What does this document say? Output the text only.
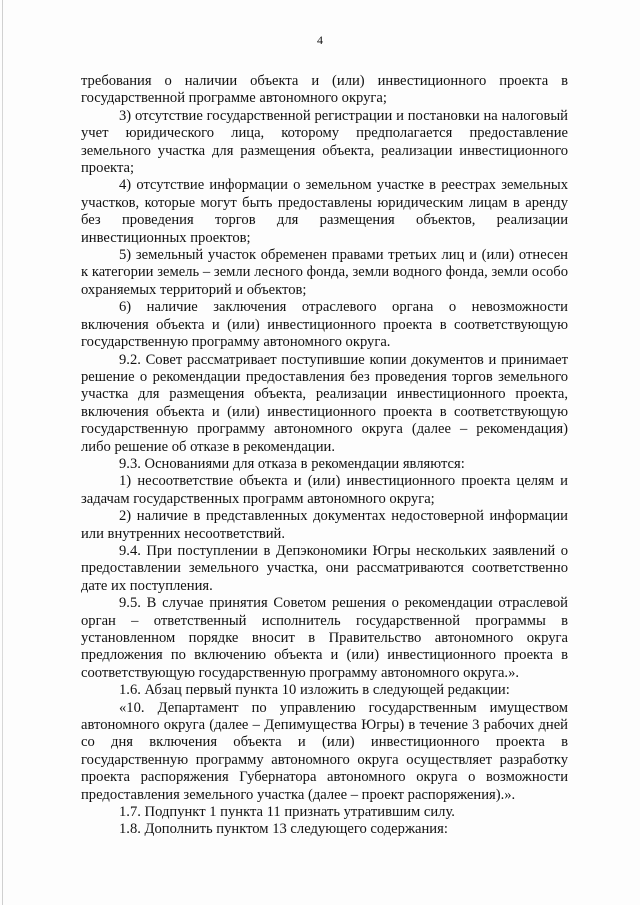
4

требования о наличии объекта и (или) инвестиционного проекта в государственной программе автономного округа;

3) отсутствие государственной регистрации и постановки на налоговый учет юридического лица, которому предполагается предоставление земельного участка для размещения объекта, реализации инвестиционного проекта;

4) отсутствие информации о земельном участке в реестрах земельных участков, которые могут быть предоставлены юридическим лицам в аренду без проведения торгов для размещения объектов, реализации инвестиционных проектов;

5) земельный участок обременен правами третьих лиц и (или) отнесен к категории земель – земли лесного фонда, земли водного фонда, земли особо охраняемых территорий и объектов;

6) наличие заключения отраслевого органа о невозможности включения объекта и (или) инвестиционного проекта в соответствующую государственную программу автономного округа.

9.2. Совет рассматривает поступившие копии документов и принимает решение о рекомендации предоставления без проведения торгов земельного участка для размещения объекта, реализации инвестиционного проекта, включения объекта и (или) инвестиционного проекта в соответствующую государственную программу автономного округа (далее – рекомендация) либо решение об отказе в рекомендации.

9.3. Основаниями для отказа в рекомендации являются:

1) несоответствие объекта и (или) инвестиционного проекта целям и задачам государственных программ автономного округа;

2) наличие в представленных документах недостоверной информации или внутренних несоответствий.

9.4. При поступлении в Депэкономики Югры нескольких заявлений о предоставлении земельного участка, они рассматриваются соответственно дате их поступления.

9.5. В случае принятия Советом решения о рекомендации отраслевой орган – ответственный исполнитель государственной программы в установленном порядке вносит в Правительство автономного округа предложения по включению объекта и (или) инвестиционного проекта в соответствующую государственную программу автономного округа.».

1.6. Абзац первый пункта 10 изложить в следующей редакции:

«10. Департамент по управлению государственным имуществом автономного округа (далее – Депимущества Югры) в течение 3 рабочих дней со дня включения объекта и (или) инвестиционного проекта в государственную программу автономного округа осуществляет разработку проекта распоряжения Губернатора автономного округа о возможности предоставления земельного участка (далее – проект распоряжения).».

1.7. Подпункт 1 пункта 11 признать утратившим силу.

1.8. Дополнить пунктом 13 следующего содержания:
